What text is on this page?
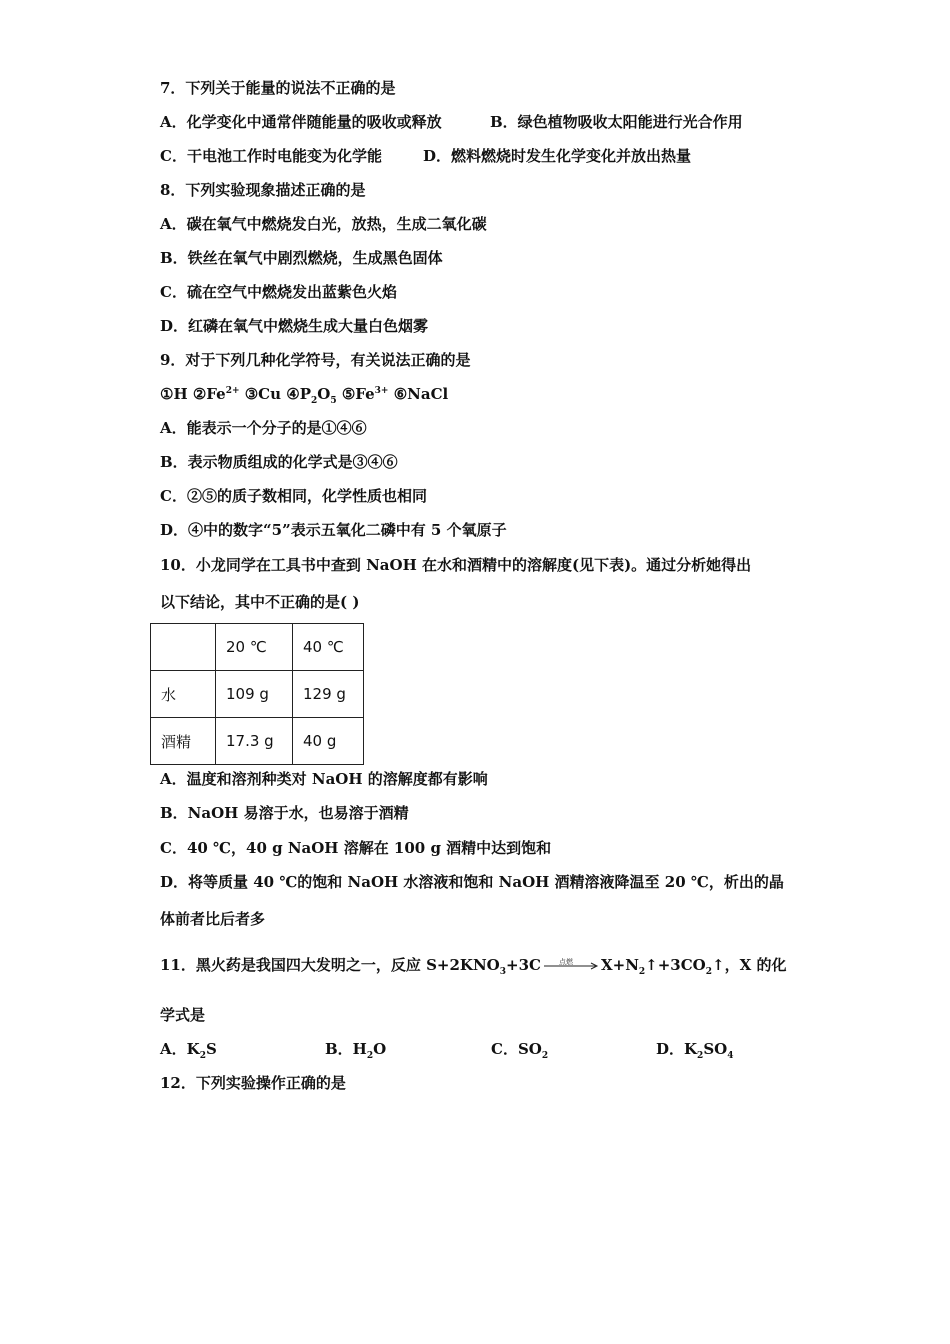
7．下列关于能量的说法不正确的是
A．化学变化中通常伴随能量的吸收或释放	B．绿色植物吸收太阳能进行光合作用
C．干电池工作时电能变为化学能	D．燃料燃烧时发生化学变化并放出热量
8．下列实验现象描述正确的是
A．碳在氧气中燃烧发白光，放热，生成二氧化碳
B．铁丝在氧气中剧烈燃烧，生成黑色固体
C．硫在空气中燃烧发出蓝紫色火焰
D．红磷在氧气中燃烧生成大量白色烟雾
9．对于下列几种化学符号，有关说法正确的是
①H $②Fe^{2+}$ ③Cu $④P_2O_5$ $⑤Fe^{3+}$ ⑥NaCl
A．能表示一个分子的是①④⑥
B．表示物质组成的化学式是③④⑥
C．②⑤的质子数相同，化学性质也相同
D．④中的数字“5”表示五氧化二磷中有 5 个氧原子
10．小龙同学在工具书中查到 NaOH 在水和酒精中的溶解度(见下表)。通过分析她得出
以下结论，其中不正确的是( )
	20 ℃	40 ℃
水	109 g	129 g
酒精	17.3 g	40 g
A．温度和溶剂种类对 NaOH 的溶解度都有影响
B．NaOH 易溶于水，也易溶于酒精
C．40 ℃，40 g NaOH 溶解在 100 g 酒精中达到饱和
D．将等质量 40 ℃的饱和 NaOH 水溶液和饱和 NaOH 酒精溶液降温至 20 ℃，析出的晶
体前者比后者多
11．黑火药是我国四大发明之一，反应 $S+2KNO_3+3C$	点燃 $X+N_2↑+3CO_2↑$，X 的化
学式是
A．$K_2S$	B．$H_2O$	C．$SO_2$	D．$K_2SO_4$
12．下列实验操作正确的是
